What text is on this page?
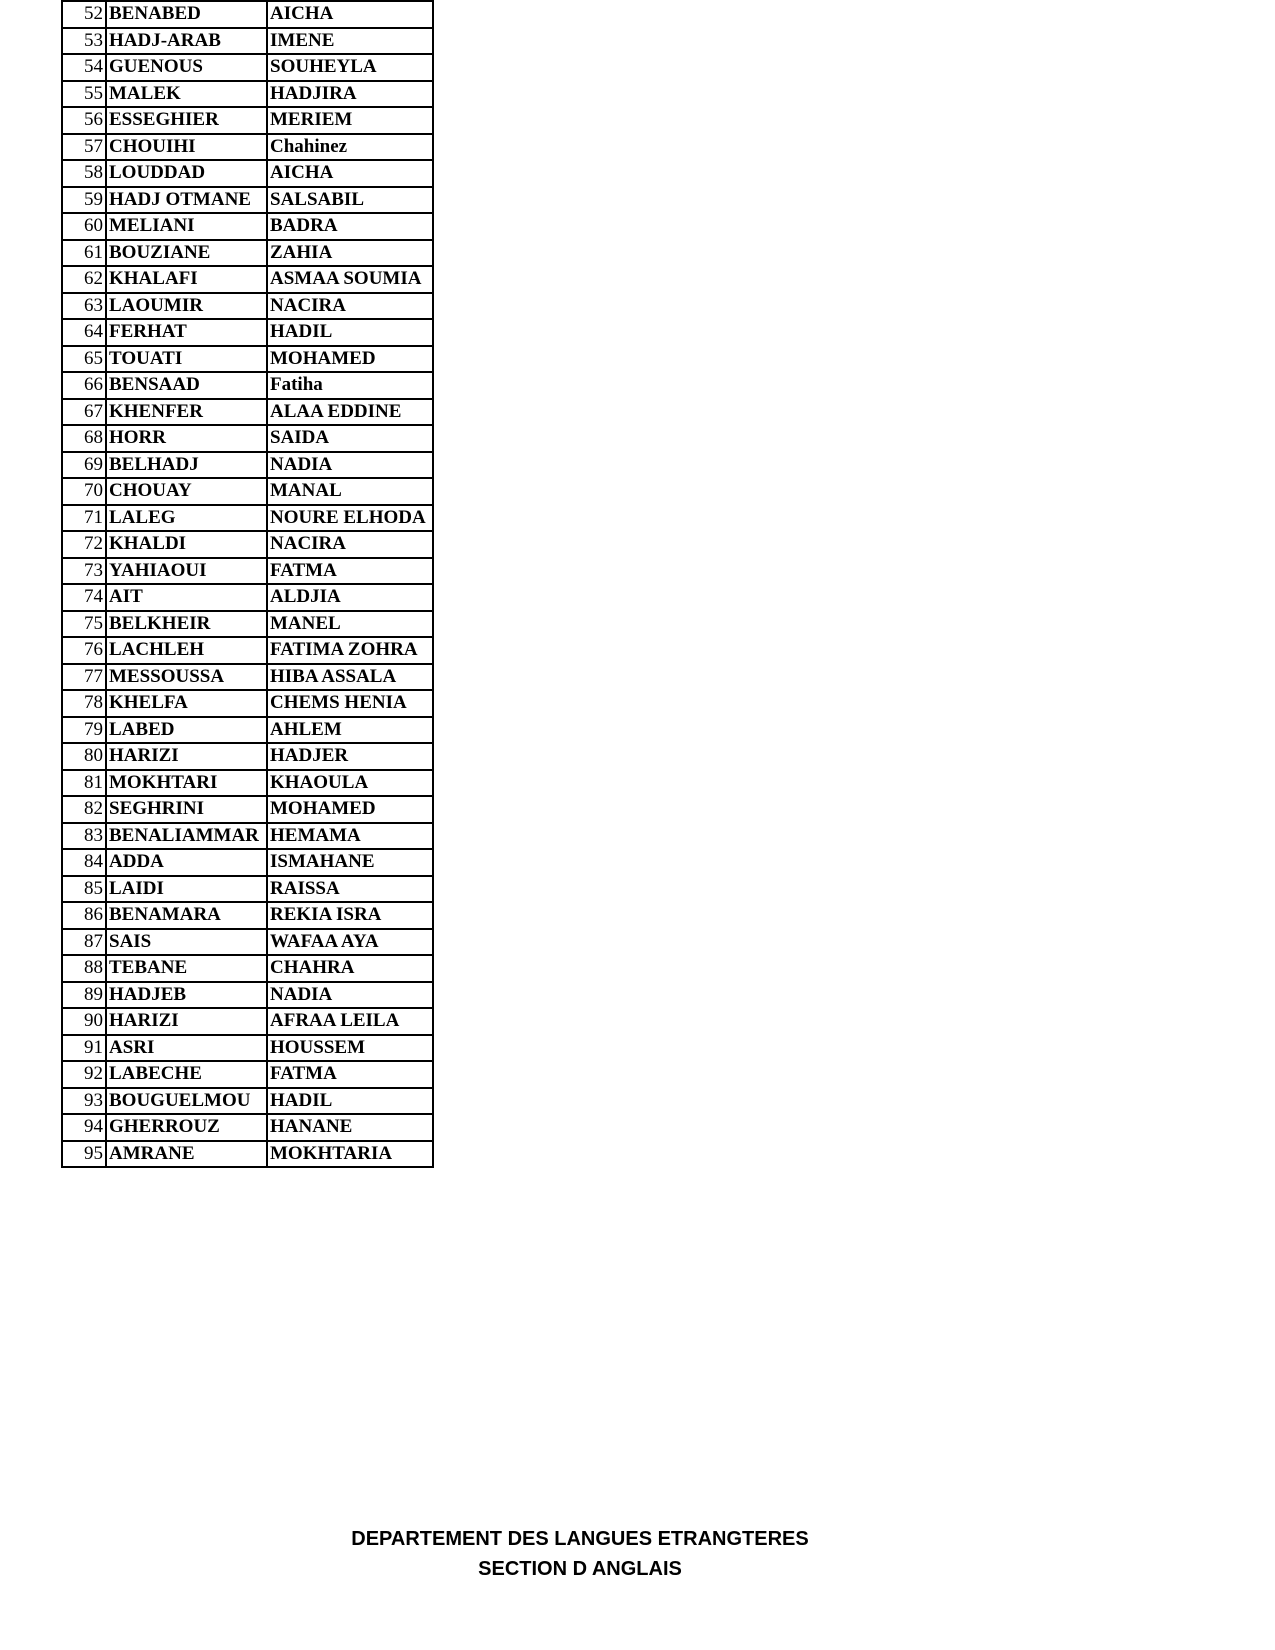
52	BENABED	AICHA
53	HADJ-ARAB	IMENE
54	GUENOUS	SOUHEYLA
55	MALEK	HADJIRA
56	ESSEGHIER	MERIEM
57	CHOUIHI	Chahinez
58	LOUDDAD	AICHA
59	HADJ OTMANE	SALSABIL
60	MELIANI	BADRA
61	BOUZIANE	ZAHIA
62	KHALAFI	ASMAA SOUMIA
63	LAOUMIR	NACIRA
64	FERHAT	HADIL
65	TOUATI	MOHAMED
66	BENSAAD	Fatiha
67	KHENFER	ALAA EDDINE
68	HORR	SAIDA
69	BELHADJ	NADIA
70	CHOUAY	MANAL
71	LALEG	NOURE ELHODA
72	KHALDI	NACIRA
73	YAHIAOUI	FATMA
74	AIT	ALDJIA
75	BELKHEIR	MANEL
76	LACHLEH	FATIMA ZOHRA
77	MESSOUSSA	HIBA ASSALA
78	KHELFA	CHEMS HENIA
79	LABED	AHLEM
80	HARIZI	HADJER
81	MOKHTARI	KHAOULA
82	SEGHRINI	MOHAMED
83	BENALIAMMAR	HEMAMA
84	ADDA	ISMAHANE
85	LAIDI	RAISSA
86	BENAMARA	REKIA ISRA
87	SAIS	WAFAA AYA
88	TEBANE	CHAHRA
89	HADJEB	NADIA
90	HARIZI	AFRAA LEILA
91	ASRI	HOUSSEM
92	LABECHE	FATMA
93	BOUGUELMOU	HADIL
94	GHERROUZ	HANANE
95	AMRANE	MOKHTARIA
DEPARTEMENT DES LANGUES ETRANGTERES
SECTION D ANGLAIS
